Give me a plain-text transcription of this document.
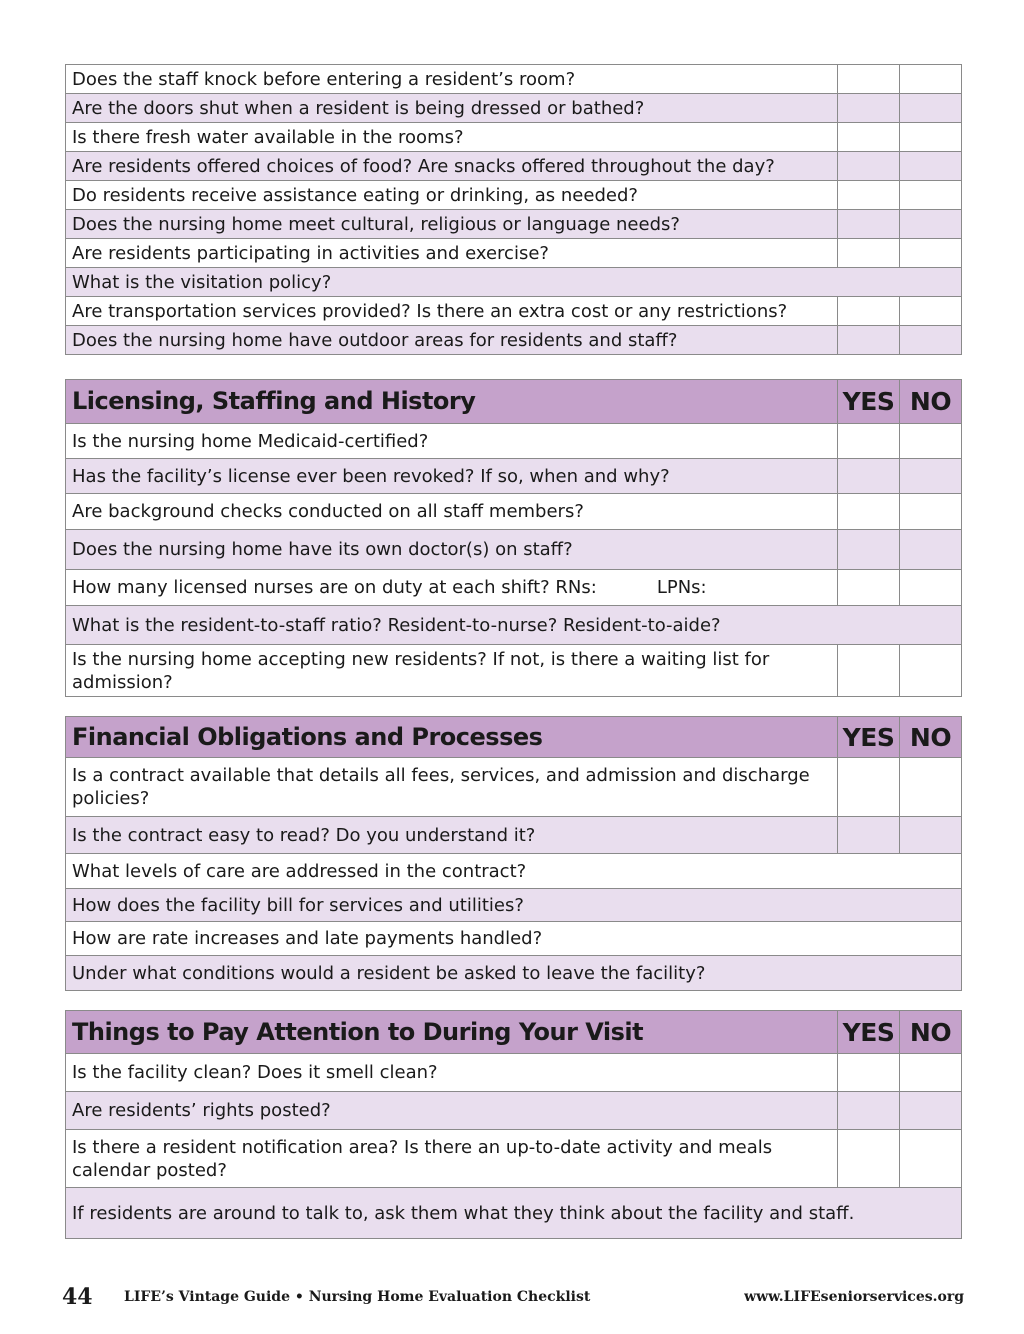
Does the staff knock before entering a resident’s room?		
Are the doors shut when a resident is being dressed or bathed?		
Is there fresh water available in the rooms?		
Are residents offered choices of food? Are snacks offered throughout the day?		
Do residents receive assistance eating or drinking, as needed?		
Does the nursing home meet cultural, religious or language needs?		
Are residents participating in activities and exercise?		
What is the visitation policy?		
Are transportation services provided? Is there an extra cost or any restrictions?		
Does the nursing home have outdoor areas for residents and staff?		
Licensing, Staffing and History	YES	NO
Is the nursing home Medicaid-certified?		
Has the facility’s license ever been revoked? If so, when and why?		
Are background checks conducted on all staff members?		
Does the nursing home have its own doctor(s) on staff?		
How many licensed nurses are on duty at each shift? RNs: LPNs:		
What is the resident-to-staff ratio? Resident-to-nurse? Resident-to-aide?		
Is the nursing home accepting new residents? If not, is there a waiting list for admission?		
Financial Obligations and Processes	YES	NO
Is a contract available that details all fees, services, and admission and discharge policies?		
Is the contract easy to read? Do you understand it?		
What levels of care are addressed in the contract?		
How does the facility bill for services and utilities?		
How are rate increases and late payments handled?		
Under what conditions would a resident be asked to leave the facility?		
Things to Pay Attention to During Your Visit	YES	NO
Is the facility clean? Does it smell clean?		
Are residents’ rights posted?		
Is there a resident notification area? Is there an up-to-date activity and meals calendar posted?		
If residents are around to talk to, ask them what they think about the facility and staff.		
44 LIFE’s Vintage Guide • Nursing Home Evaluation Checklist	www.LIFEseniorservices.org
